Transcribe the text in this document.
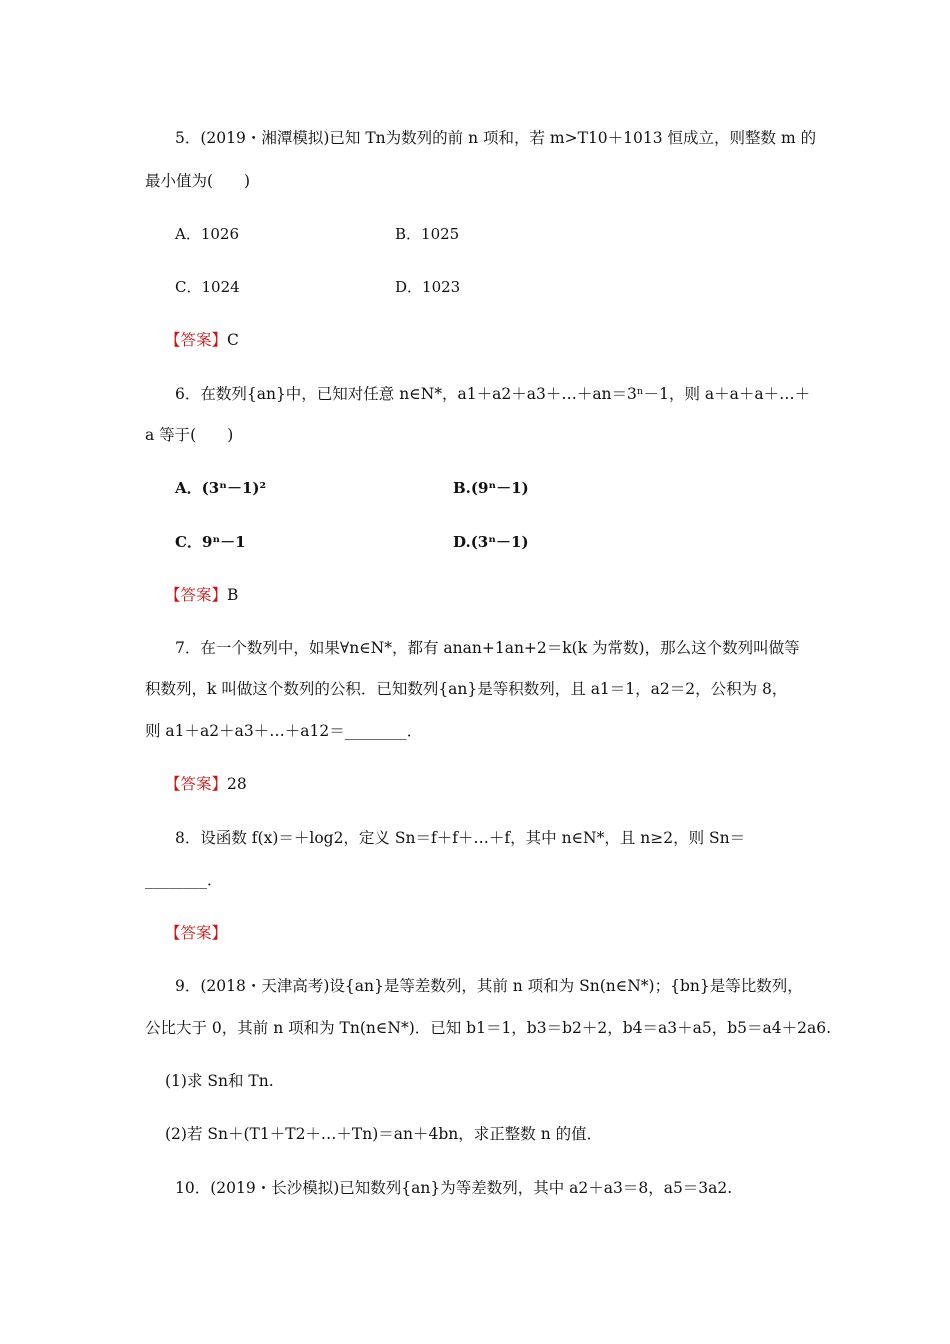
5．(2019・湘潭模拟)已知 Tn为数列的前 n 项和，若 m>T10＋1013 恒成立，则整数 m 的
最小值为(　　)
A．1026	B．1025
C．1024	D．1023
【答案】C
6．在数列{an}中，已知对任意 n∈N*，a1＋a2＋a3＋…＋an＝3ⁿ－1，则 a＋a＋a＋…＋
a 等于(　　)
A．(3ⁿ－1)²	B.(9ⁿ－1)
C．9ⁿ－1	D.(3ⁿ－1)
【答案】B
7．在一个数列中，如果∀n∈N*，都有 anan+1an+2＝k(k 为常数)，那么这个数列叫做等
积数列，k 叫做这个数列的公积．已知数列{an}是等积数列，且 a1＝1，a2＝2，公积为 8，
则 a1＋a2＋a3＋…＋a12＝________．
【答案】28
8．设函数 f(x)＝＋log2，定义 Sn＝f＋f＋…＋f，其中 n∈N*，且 n≥2，则 Sn＝
________．
【答案】
9．(2018・天津高考)设{an}是等差数列，其前 n 项和为 Sn(n∈N*)；{bn}是等比数列，
公比大于 0，其前 n 项和为 Tn(n∈N*)．已知 b1＝1，b3＝b2＋2，b4＝a3＋a5，b5＝a4＋2a6.
(1)求 Sn和 Tn.
(2)若 Sn＋(T1＋T2＋…＋Tn)＝an＋4bn，求正整数 n 的值．
10．(2019・长沙模拟)已知数列{an}为等差数列，其中 a2＋a3＝8，a5＝3a2.
